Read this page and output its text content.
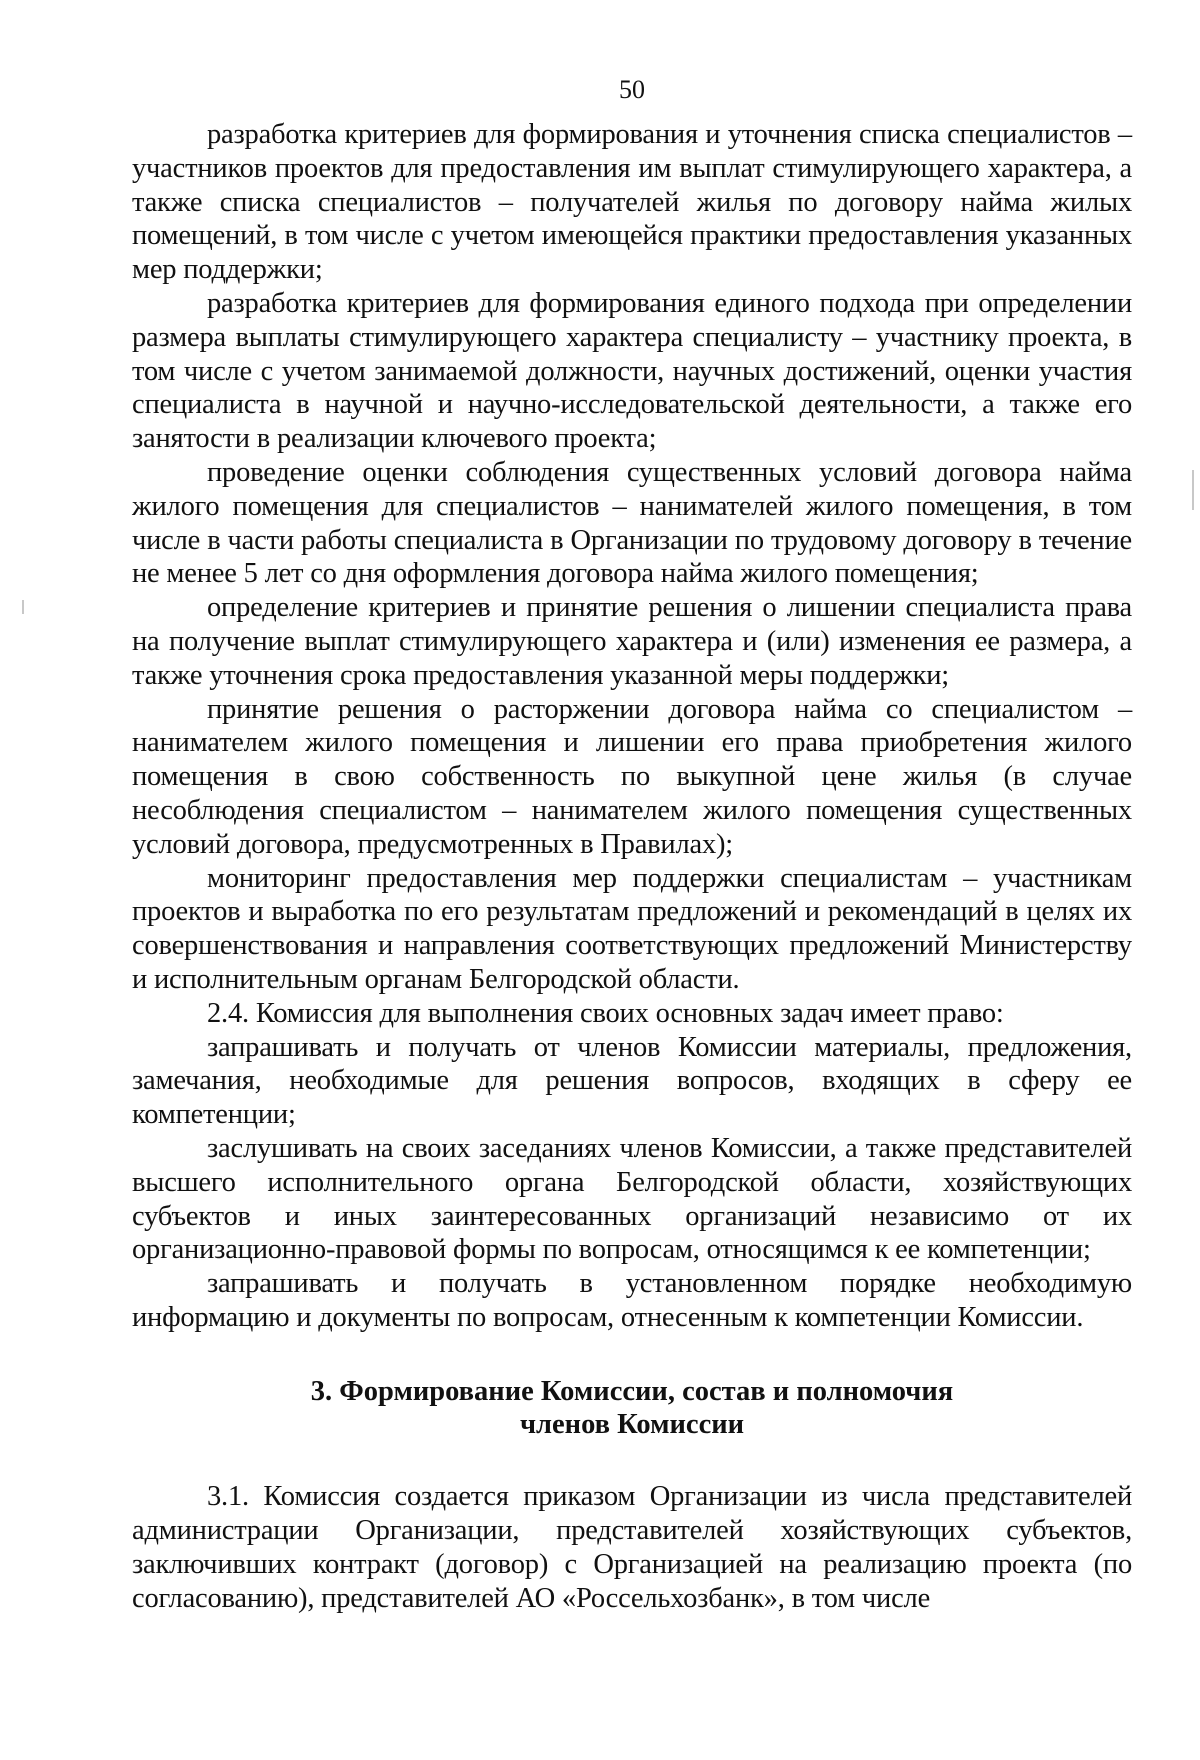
50

разработка критериев для формирования и уточнения списка специалистов – участников проектов для предоставления им выплат стимулирующего характера, а также списка специалистов – получателей жилья по договору найма жилых помещений, в том числе с учетом имеющейся практики предоставления указанных мер поддержки;

разработка критериев для формирования единого подхода при определении размера выплаты стимулирующего характера специалисту – участнику проекта, в том числе с учетом занимаемой должности, научных достижений, оценки участия специалиста в научной и научно-исследовательской деятельности, а также его занятости в реализации ключевого проекта;

проведение оценки соблюдения существенных условий договора найма жилого помещения для специалистов – нанимателей жилого помещения, в том числе в части работы специалиста в Организации по трудовому договору в течение не менее 5 лет со дня оформления договора найма жилого помещения;

определение критериев и принятие решения о лишении специалиста права на получение выплат стимулирующего характера и (или) изменения ее размера, а также уточнения срока предоставления указанной меры поддержки;

принятие решения о расторжении договора найма со специалистом – нанимателем жилого помещения и лишении его права приобретения жилого помещения в свою собственность по выкупной цене жилья (в случае несоблюдения специалистом – нанимателем жилого помещения существенных условий договора, предусмотренных в Правилах);

мониторинг предоставления мер поддержки специалистам – участникам проектов и выработка по его результатам предложений и рекомендаций в целях их совершенствования и направления соответствующих предложений Министерству и исполнительным органам Белгородской области.

2.4. Комиссия для выполнения своих основных задач имеет право:

запрашивать и получать от членов Комиссии материалы, предложения, замечания, необходимые для решения вопросов, входящих в сферу ее компетенции;

заслушивать на своих заседаниях членов Комиссии, а также представителей высшего исполнительного органа Белгородской области, хозяйствующих субъектов и иных заинтересованных организаций независимо от их организационно-правовой формы по вопросам, относящимся к ее компетенции;

запрашивать и получать в установленном порядке необходимую информацию и документы по вопросам, отнесенным к компетенции Комиссии.

3. Формирование Комиссии, состав и полномочия
членов Комиссии

3.1. Комиссия создается приказом Организации из числа представителей администрации Организации, представителей хозяйствующих субъектов, заключивших контракт (договор) с Организацией на реализацию проекта (по согласованию), представителей АО «Россельхозбанк», в том числе
